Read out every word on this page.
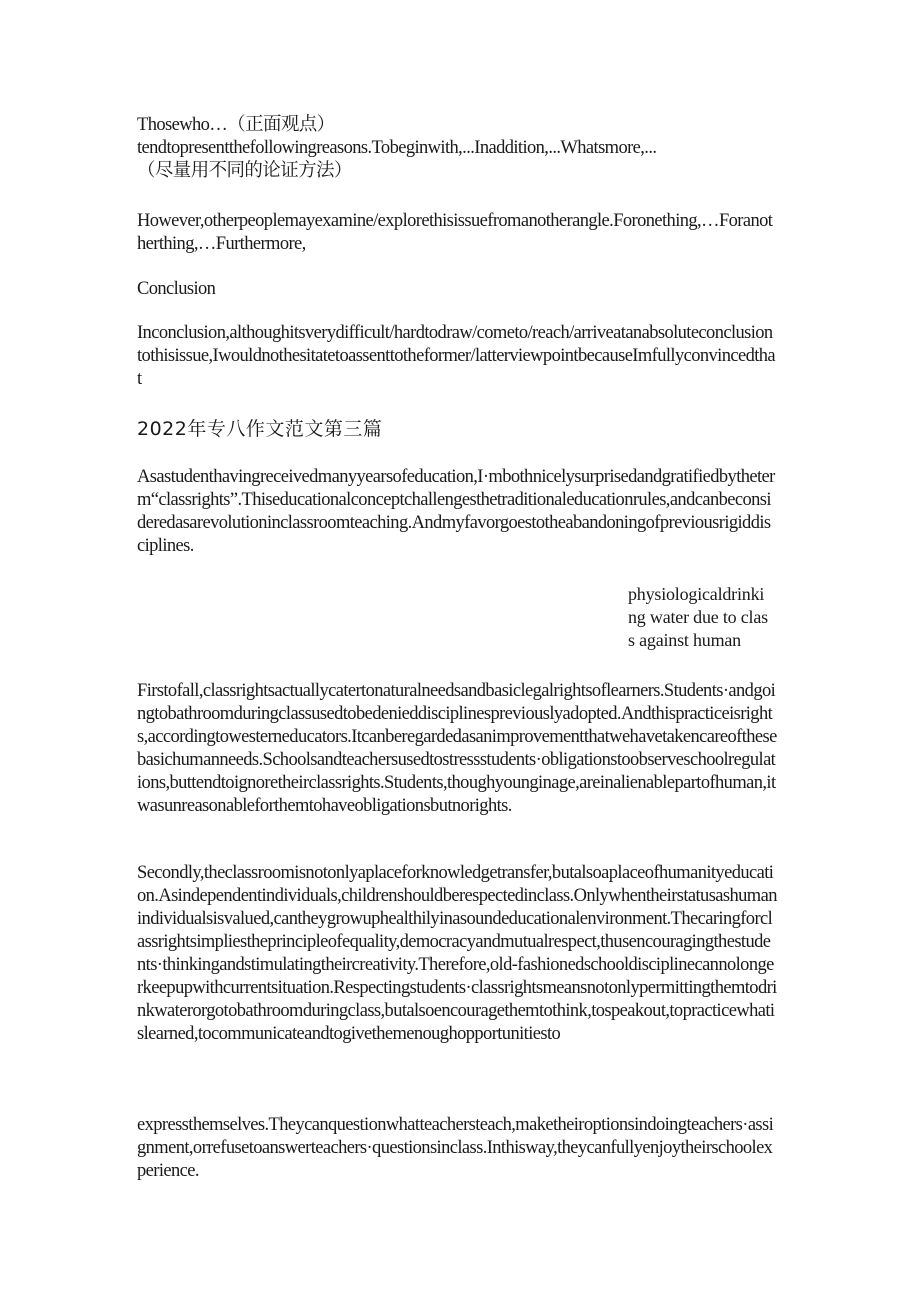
Thosewho…（正面观点）
tendtopresentthefollowingreasons.Tobeginwith,...Inaddition,...Whatsmore,...
（尽量用不同的论证方法）
However,otherpeoplemayexamine/explorethisissuefromanotherangle.Foronething,…Foranotherthing,…Furthermore,
Conclusion
Inconclusion,althoughitsverydifficult/hardtodraw/cometo/reach/arriveatanabsoluteconclusiontothisissue,Iwouldnothesitatetoassenttotheformer/latterviewpointbecauseImfullyconvincedthat
2022年专八作文范文第三篇
Asastudenthavingreceivedmanyyearsofeducation,I·mbothnicelysurprisedandgratifiedbytheterm“classrights”.Thiseducationalconceptchallengesthetraditionaleducationrules,andcanbeconsideredasarevolutioninclassroomteaching.Andmyfavorgoestotheabandoningofpreviousrigiddisciplines.
physiologicaldrinking water due to class against human
Firstofall,classrightsactuallycatertonaturalneedsandbasiclegalrightsoflearners.Students·andgoingtobathroomduringclassusedtobedenieddisciplinespreviouslyadopted.Andthispracticeisrights,accordingtowesterneducators.Itcanberegardedasanimprovementthatwehavetakencareofthesebasichumanneeds.Schoolsandteachersusedtostressstudents·obligationstoobserveschoolregulations,buttendtoignoretheirclassrights.Students,thoughyounginage,areinalienablepartofhuman,itwasunreasonableforthemtohaveobligationsbutnorights.
Secondly,theclassroomisnotonlyaplaceforknowledgetransfer,butalsoaplaceofhumanityeducation.Asindependentindividuals,childrenshouldberespectedinclass.Onlywhentheirstatusashumanindividualsisvalued,cantheygrowuphealthilyinasoundeducationalenvironment.Thecaringforclassrightsimpliestheprincipleofequality,democracyandmutualrespect,thusencouragingthestudents·thinkingandstimulatingtheircreativity.Therefore,old-fashionedschooldisciplinecannolongerkeepupwithcurrentsituation.Respectingstudents·classrightsmeansnotonlypermittingthemtodrinkwaterorgotobathroomduringclass,butalsoencouragethemtothink,tospeakout,topracticewhatislearned,tocommunicateandtogivethemenoughopportunitiesto
expressthemselves.Theycanquestionwhatteachersteach,maketheiroptionsindoingteachers·assignment,orrefusetoanswerteachers·questionsinclass.Inthisway,theycanfullyenjoytheirschoolexperience.
